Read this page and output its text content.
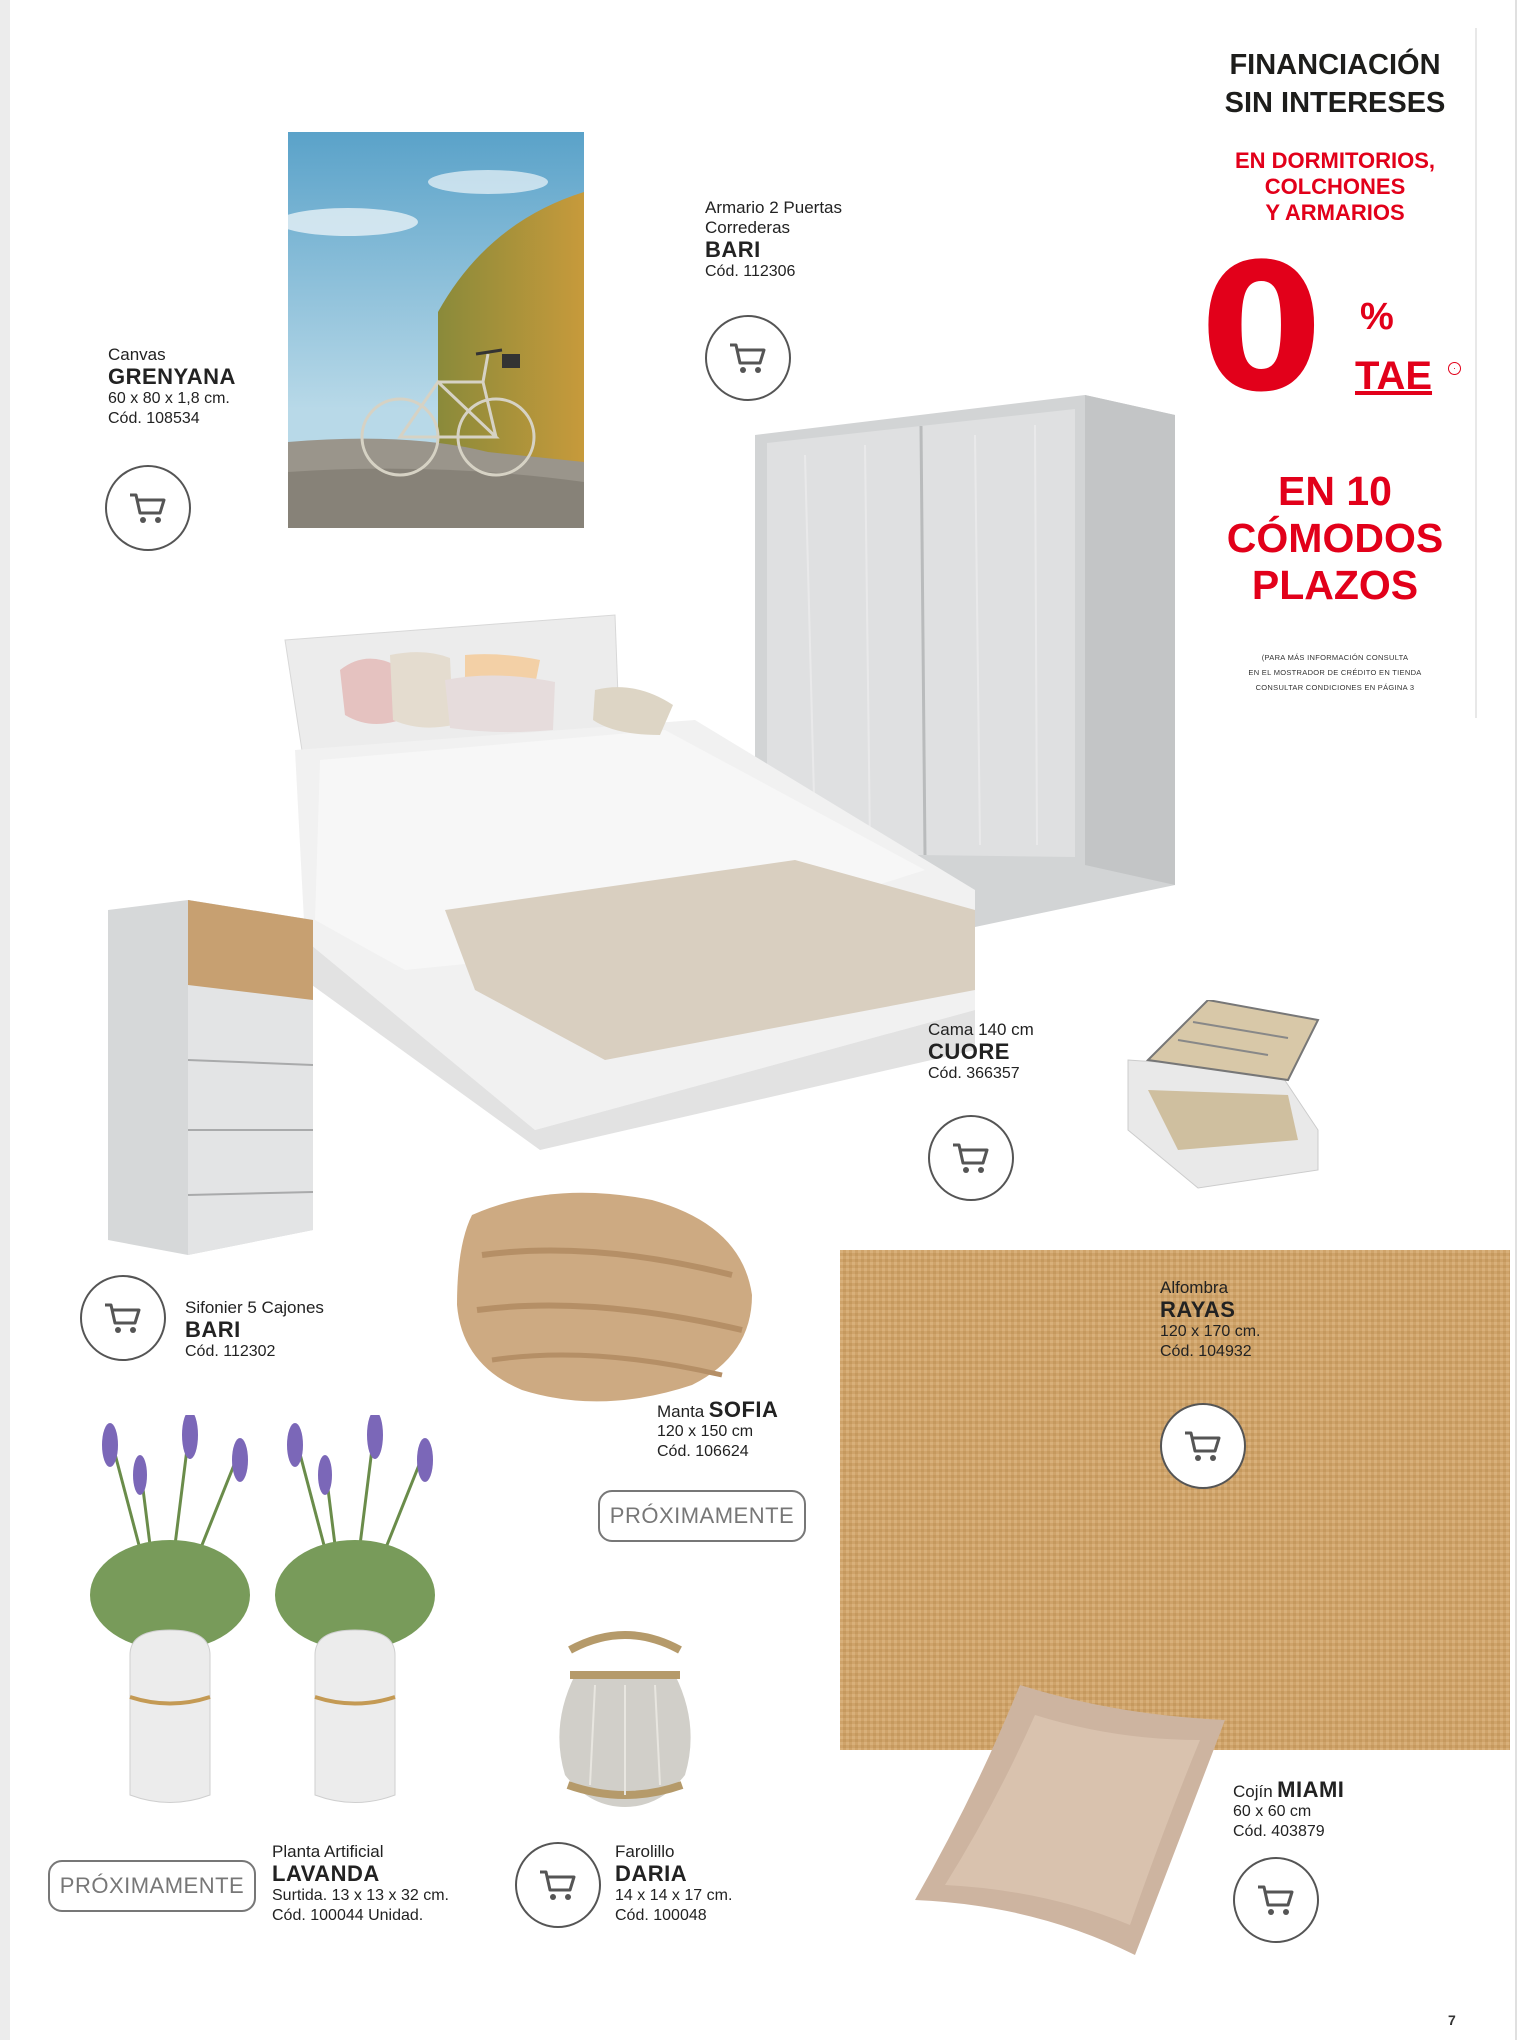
FINANCIACIÓN
SIN INTERESES
EN DORMITORIOS,
COLCHONES
Y ARMARIOS
0 %
TAE	·
EN 10
CÓMODOS
PLAZOS
(PARA MÁS INFORMACIÓN CONSULTA
EN EL MOSTRADOR DE CRÉDITO EN TIENDA
CONSULTAR CONDICIONES EN PÁGINA 3
Canvas
GRENYANA
60 x 80 x 1,8 cm.
Cód. 108534
Armario 2 Puertas
Correderas
BARI
Cód. 112306
Cama 140 cm
CUORE
Cód. 366357
Sifonier 5 Cajones
BARI
Cód. 112302
Manta SOFIA
120 x 150 cm
Cód. 106624
PRÓXIMAMENTE
Alfombra
RAYAS
120 x 170 cm.
Cód. 104932
PRÓXIMAMENTE
Planta Artificial
LAVANDA
Surtida. 13 x 13 x 32 cm.
Cód. 100044 Unidad.
Farolillo
DARIA
14 x 14 x 17 cm.
Cód. 100048
Cojín MIAMI
60 x 60 cm
Cód. 403879
7
